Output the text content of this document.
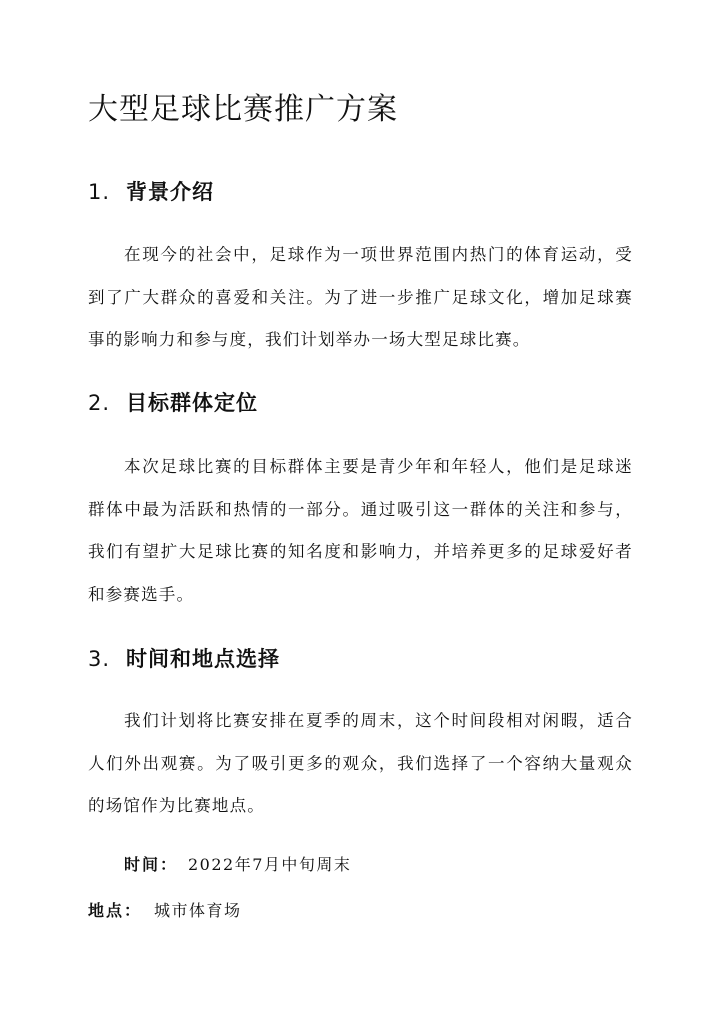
大型足球比赛推广方案
1. 背景介绍

在现今的社会中，足球作为一项世界范围内热门的体育运动，受到了广大群众的喜爱和关注。为了进一步推广足球文化，增加足球赛事的影响力和参与度，我们计划举办一场大型足球比赛。

2. 目标群体定位

本次足球比赛的目标群体主要是青少年和年轻人，他们是足球迷群体中最为活跃和热情的一部分。通过吸引这一群体的关注和参与，我们有望扩大足球比赛的知名度和影响力，并培养更多的足球爱好者和参赛选手。

3. 时间和地点选择

我们计划将比赛安排在夏季的周末，这个时间段相对闲暇，适合人们外出观赛。为了吸引更多的观众，我们选择了一个容纳大量观众的场馆作为比赛地点。

时间： 2022年7月中旬周末

地点： 城市体育场
